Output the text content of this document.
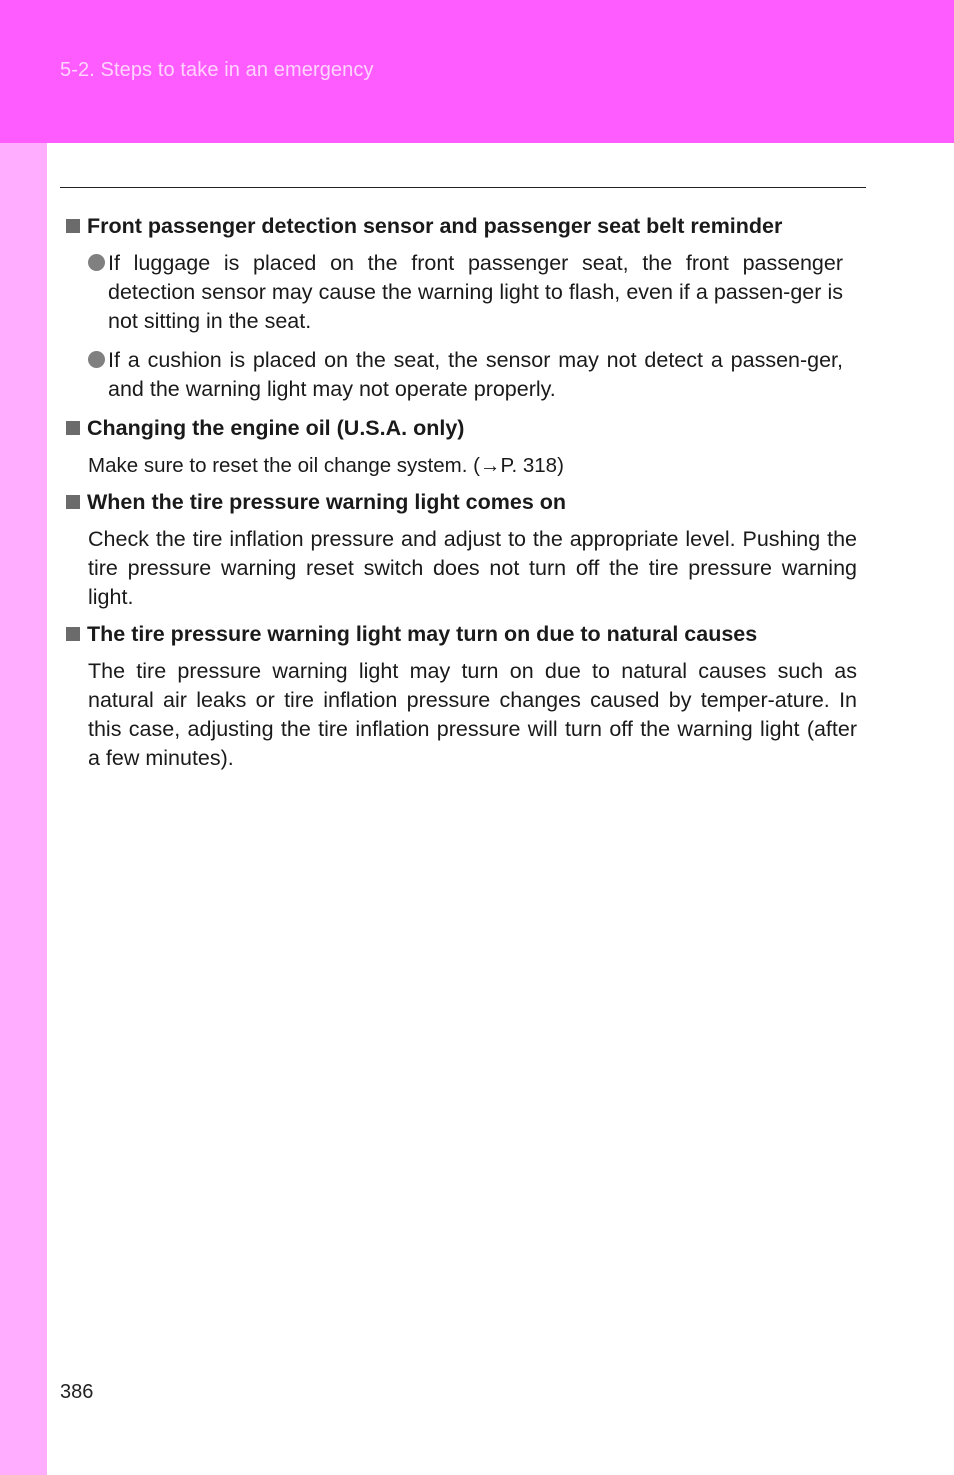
5-2. Steps to take in an emergency
Front passenger detection sensor and passenger seat belt reminder
If luggage is placed on the front passenger seat, the front passenger detection sensor may cause the warning light to flash, even if a passen-ger is not sitting in the seat.
If a cushion is placed on the seat, the sensor may not detect a passen-ger, and the warning light may not operate properly.
Changing the engine oil (U.S.A. only)
Make sure to reset the oil change system. (→P. 318)
When the tire pressure warning light comes on
Check the tire inflation pressure and adjust to the appropriate level. Pushing the tire pressure warning reset switch does not turn off the tire pressure warning light.
The tire pressure warning light may turn on due to natural causes
The tire pressure warning light may turn on due to natural causes such as natural air leaks or tire inflation pressure changes caused by temper-ature. In this case, adjusting the tire inflation pressure will turn off the warning light (after a few minutes).
386
